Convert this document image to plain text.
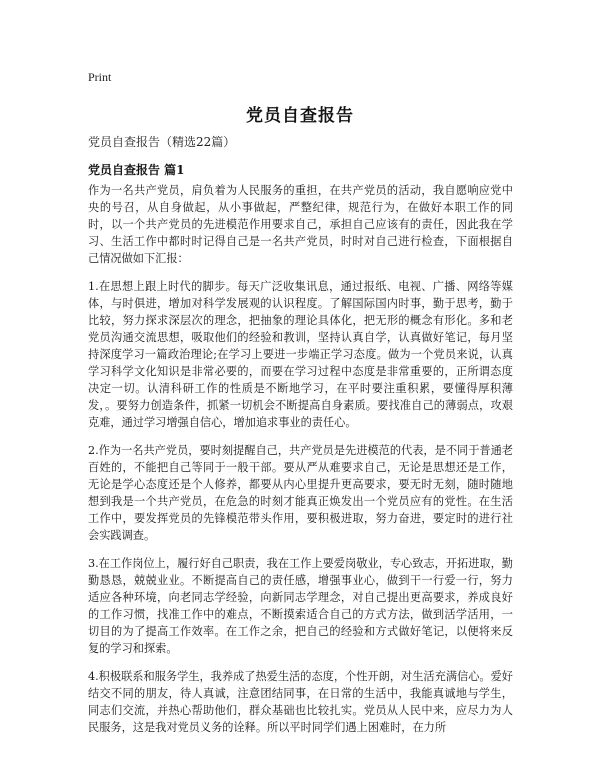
Print
党员自查报告
党员自查报告（精选22篇）
党员自查报告 篇1

作为一名共产党员，肩负着为人民服务的重担，在共产党员的活动，我自愿响应党中央的号召，从自身做起，从小事做起，严整纪律，规范行为，在做好本职工作的同时，以一个共产党员的先进模范作用要求自己，承担自己应该有的责任，因此我在学习、生活工作中都时时记得自己是一名共产党员，时时对自己进行检查，下面根据自己情况做如下汇报：

1.在思想上跟上时代的脚步。每天广泛收集讯息，通过报纸、电视、广播、网络等媒体，与时俱进，增加对科学发展观的认识程度。了解国际国内时事，勤于思考，勤于比较，努力探求深层次的理念，把抽象的理论具体化，把无形的概念有形化。多和老党员沟通交流思想，吸取他们的经验和教训，坚持认真自学，认真做好笔记，每月坚持深度学习一篇政治理论;在学习上要进一步端正学习态度。做为一个党员来说，认真学习科学文化知识是非常必要的，而要在学习过程中态度是非常重要的，正所谓态度决定一切。认清科研工作的性质是不断地学习，在平时要注重积累，要懂得厚积薄发，。要努力创造条件，抓紧一切机会不断提高自身素质。要找准自己的薄弱点，攻艰克难，通过学习增强自信心，增加追求事业的责任心。

2.作为一名共产党员，要时刻提醒自己，共产党员是先进模范的代表，是不同于普通老百姓的，不能把自己等同于一般干部。要从严从难要求自己，无论是思想还是工作，无论是学心态度还是个人修养，都要从内心里提升更高要求，要无时无刻，随时随地想到我是一个共产党员，在危急的时刻才能真正焕发出一个党员应有的党性。在生活工作中，要发挥党员的先锋模范带头作用，要积极进取，努力奋进，要定时的进行社会实践调查。

3.在工作岗位上，履行好自己职责，我在工作上要爱岗敬业，专心致志，开拓进取，勤勤恳恳，兢兢业业。不断提高自己的责任感，增强事业心，做到干一行爱一行，努力适应各种环境，向老同志学经验，向新同志学理念，对自己提出更高要求，养成良好的工作习惯，找准工作中的难点，不断摸索适合自己的方式方法，做到活学活用，一切目的为了提高工作效率。在工作之余，把自己的经验和方式做好笔记，以便将来反复的学习和探索。

4.积极联系和服务学生，我养成了热爱生活的态度，个性开朗，对生活充满信心。爱好结交不同的朋友，待人真诚，注意团结同事，在日常的生活中，我能真诚地与学生，同志们交流，并热心帮助他们，群众基础也比较扎实。党员从人民中来，应尽力为人民服务，这是我对党员义务的诠释。所以平时同学们遇上困难时，在力所
